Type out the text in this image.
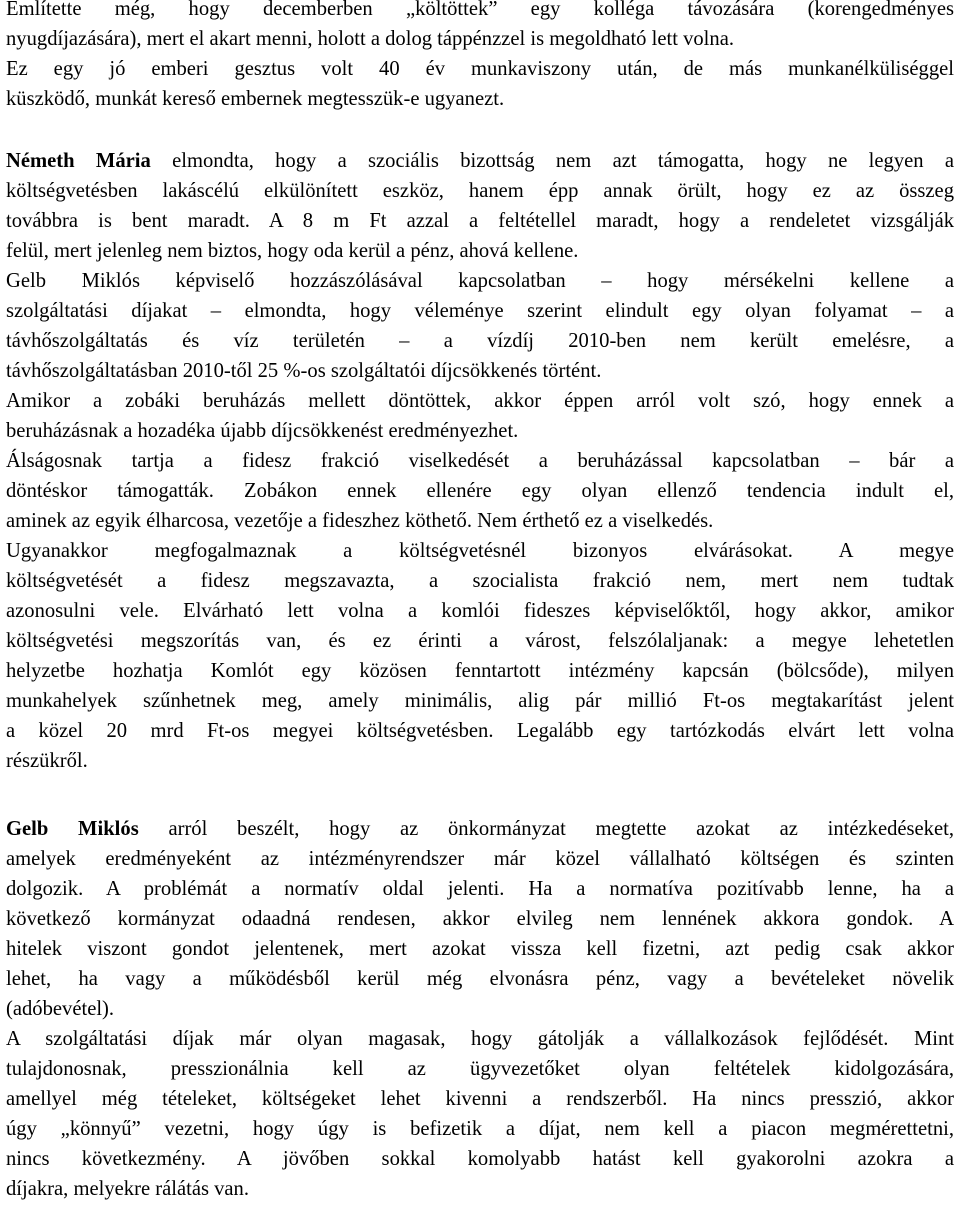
Említette még, hogy decemberben „költöttek” egy kolléga távozására (korengedményes
nyugdíjazására), mert el akart menni, holott a dolog táppénzzel is megoldható lett volna.
Ez egy jó emberi gesztus volt 40 év munkaviszony után, de más munkanélküliséggel
küszködő, munkát kereső embernek megtesszük-e ugyanezt.
Németh Mária elmondta, hogy a szociális bizottság nem azt támogatta, hogy ne legyen a
költségvetésben lakáscélú elkülönített eszköz, hanem épp annak örült, hogy ez az összeg
továbbra is bent maradt. A 8 m Ft azzal a feltétellel maradt, hogy a rendeletet vizsgálják
felül, mert jelenleg nem biztos, hogy oda kerül a pénz, ahová kellene.
Gelb Miklós képviselő hozzászólásával kapcsolatban – hogy mérsékelni kellene a
szolgáltatási díjakat – elmondta, hogy véleménye szerint elindult egy olyan folyamat – a
távhőszolgáltatás és víz területén – a vízdíj 2010-ben nem került emelésre, a
távhőszolgáltatásban 2010-től 25 %-os szolgáltatói díjcsökkenés történt.
Amikor a zobáki beruházás mellett döntöttek, akkor éppen arról volt szó, hogy ennek a
beruházásnak a hozadéka újabb díjcsökkenést eredményezhet.
Álságosnak tartja a fidesz frakció viselkedését a beruházással kapcsolatban – bár a
döntéskor támogatták. Zobákon ennek ellenére egy olyan ellenző tendencia indult el,
aminek az egyik élharcosa, vezetője a fideszhez köthető. Nem érthető ez a viselkedés.
Ugyanakkor megfogalmaznak a költségvetésnél bizonyos elvárásokat. A megye
költségvetését a fidesz megszavazta, a szocialista frakció nem, mert nem tudtak
azonosulni vele. Elvárható lett volna a komlói fideszes képviselőktől, hogy akkor, amikor
költségvetési megszorítás van, és ez érinti a várost, felszólaljanak: a megye lehetetlen
helyzetbe hozhatja Komlót egy közösen fenntartott intézmény kapcsán (bölcsőde), milyen
munkahelyek szűnhetnek meg, amely minimális, alig pár millió Ft-os megtakarítást jelent
a közel 20 mrd Ft-os megyei költségvetésben. Legalább egy tartózkodás elvárt lett volna
részükről.
Gelb Miklós arról beszélt, hogy az önkormányzat megtette azokat az intézkedéseket,
amelyek eredményeként az intézményrendszer már közel vállalható költségen és szinten
dolgozik. A problémát a normatív oldal jelenti. Ha a normatíva pozitívabb lenne, ha a
következő kormányzat odaadná rendesen, akkor elvileg nem lennének akkora gondok. A
hitelek viszont gondot jelentenek, mert azokat vissza kell fizetni, azt pedig csak akkor
lehet, ha vagy a működésből kerül még elvonásra pénz, vagy a bevételeket növelik
(adóbevétel).
A szolgáltatási díjak már olyan magasak, hogy gátolják a vállalkozások fejlődését. Mint
tulajdonosnak, presszionálnia kell az ügyvezetőket olyan feltételek kidolgozására,
amellyel még tételeket, költségeket lehet kivenni a rendszerből. Ha nincs presszió, akkor
úgy „könnyű” vezetni, hogy úgy is befizetik a díjat, nem kell a piacon megmérettetni,
nincs következmény. A jövőben sokkal komolyabb hatást kell gyakorolni azokra a
díjakra, melyekre rálátás van.
